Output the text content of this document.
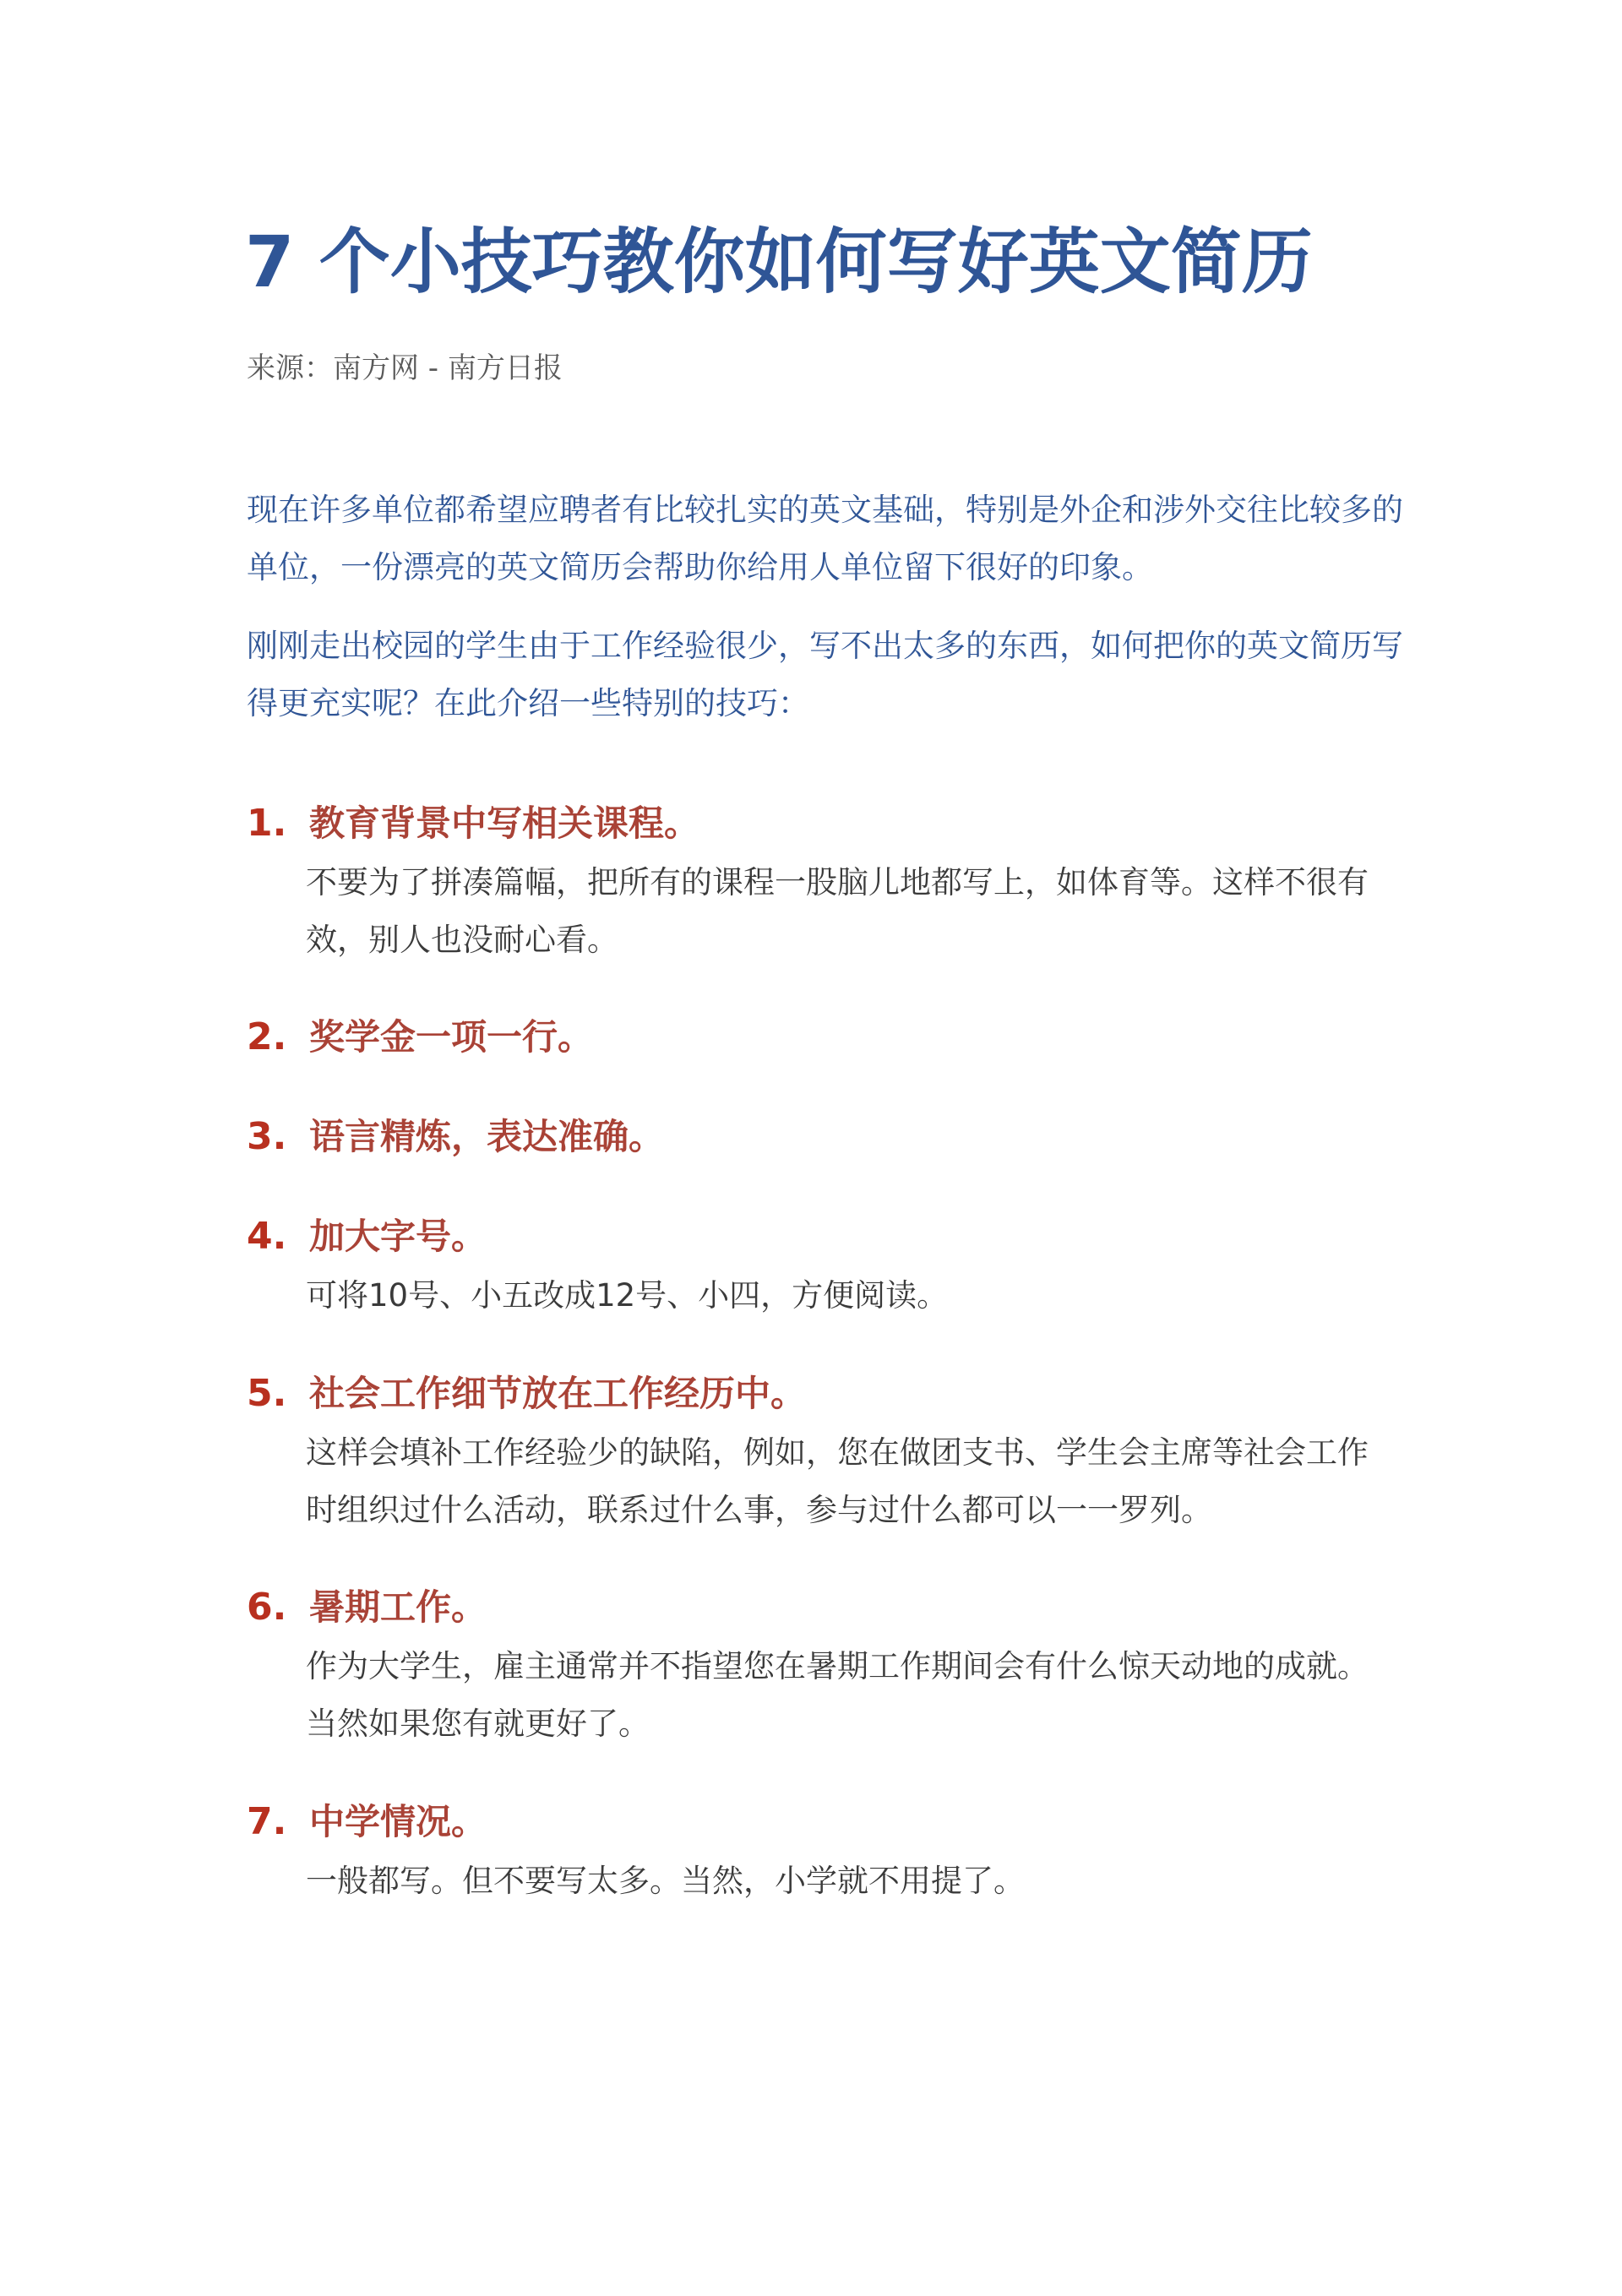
7 个小技巧教你如何写好英文简历
来源：南方网 - 南方日报

现在许多单位都希望应聘者有比较扎实的英文基础，特别是外企和涉外交往比较多的单位，一份漂亮的英文简历会帮助你给用人单位留下很好的印象。

刚刚走出校园的学生由于工作经验很少，写不出太多的东西，如何把你的英文简历写得更充实呢？在此介绍一些特别的技巧：

1. 教育背景中写相关课程。

不要为了拼凑篇幅，把所有的课程一股脑儿地都写上，如体育等。这样不很有效，别人也没耐心看。

2. 奖学金一项一行。
3. 语言精炼，表达准确。
4. 加大字号。

可将10号、小五改成12号、小四，方便阅读。

5. 社会工作细节放在工作经历中。

这样会填补工作经验少的缺陷，例如，您在做团支书、学生会主席等社会工作时组织过什么活动，联系过什么事，参与过什么都可以一一罗列。

6. 暑期工作。

作为大学生，雇主通常并不指望您在暑期工作期间会有什么惊天动地的成就。当然如果您有就更好了。

7. 中学情况。

一般都写。但不要写太多。当然，小学就不用提了。
